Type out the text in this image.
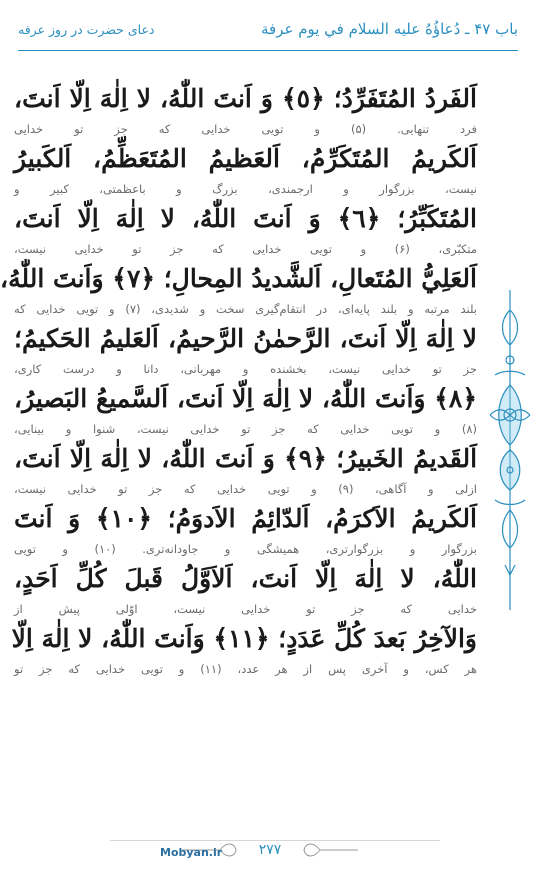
باب ۴۷ ـ دُعاؤُهُ عليه السلام في يوم عرفة
دعای حضرت در روز عرفه
اَلفَردُ المُتَفَرِّدُ؛ ﴿٥﴾ وَ اَنتَ اللّٰهُ، لا اِلٰهَ اِلّا اَنتَ،
فرد تنهایی. (۵) و تویی خدایی که جز تو خدایی
اَلكَريمُ المُتَكَرِّمُ، اَلعَظيمُ المُتَعَظِّمُ، اَلكَبيرُ
نیست، بزرگوار و ارجمندی، بزرگ و باعظمتی، کبیر و
المُتَكَبِّرُ؛ ﴿٦﴾ وَ اَنتَ اللّٰهُ، لا اِلٰهَ اِلّا اَنتَ،
متکبّری، (۶) و تویی خدایی که جز تو خدایی نیست،
اَلعَلِيُّ المُتَعالِ، اَلشَّديدُ المِحالِ؛ ﴿٧﴾ وَاَنتَ اللّٰهُ،
بلند مرتبه و بلند پایه‌ای، در انتقام‌گیری سخت و شدیدی، (۷) و تویی خدایی که
لا اِلٰهَ اِلّا اَنتَ، الرَّحمٰنُ الرَّحيمُ، اَلعَليمُ الحَكيمُ؛
جز تو خدایی نیست، بخشنده و مهربانی، دانا و درست کاری،
﴿٨﴾ وَاَنتَ اللّٰهُ، لا اِلٰهَ اِلّا اَنتَ، اَلسَّميعُ البَصيرُ،
(۸) و تویی خدایی که جز تو خدایی نیست، شنوا و بینایی،
اَلقَديمُ الخَبيرُ؛ ﴿٩﴾ وَ اَنتَ اللّٰهُ، لا اِلٰهَ اِلّا اَنتَ،
ازلی و آگاهی، (۹) و تویی خدایی که جز تو خدایی نیست،
اَلكَريمُ الاَكرَمُ، اَلدّائِمُ الاَدوَمُ؛ ﴿١٠﴾ وَ اَنتَ
بزرگوار و بزرگوارتری، همیشگی و جاودانه‌تری. (۱۰) و تویی
اللّٰهُ، لا اِلٰهَ اِلّا اَنتَ، اَلاَوَّلُ قَبلَ كُلِّ اَحَدٍ،
خدایی که جز تو خدایی نیست، اوّلی پیش از
وَالآخِرُ بَعدَ كُلِّ عَدَدٍ؛ ﴿١١﴾ وَاَنتَ اللّٰهُ، لا اِلٰهَ اِلّا
هر کس، و آخری پس از هر عدد، (۱۱) و تویی خدایی که جز تو
۲۷۷
Mobyan.ir
